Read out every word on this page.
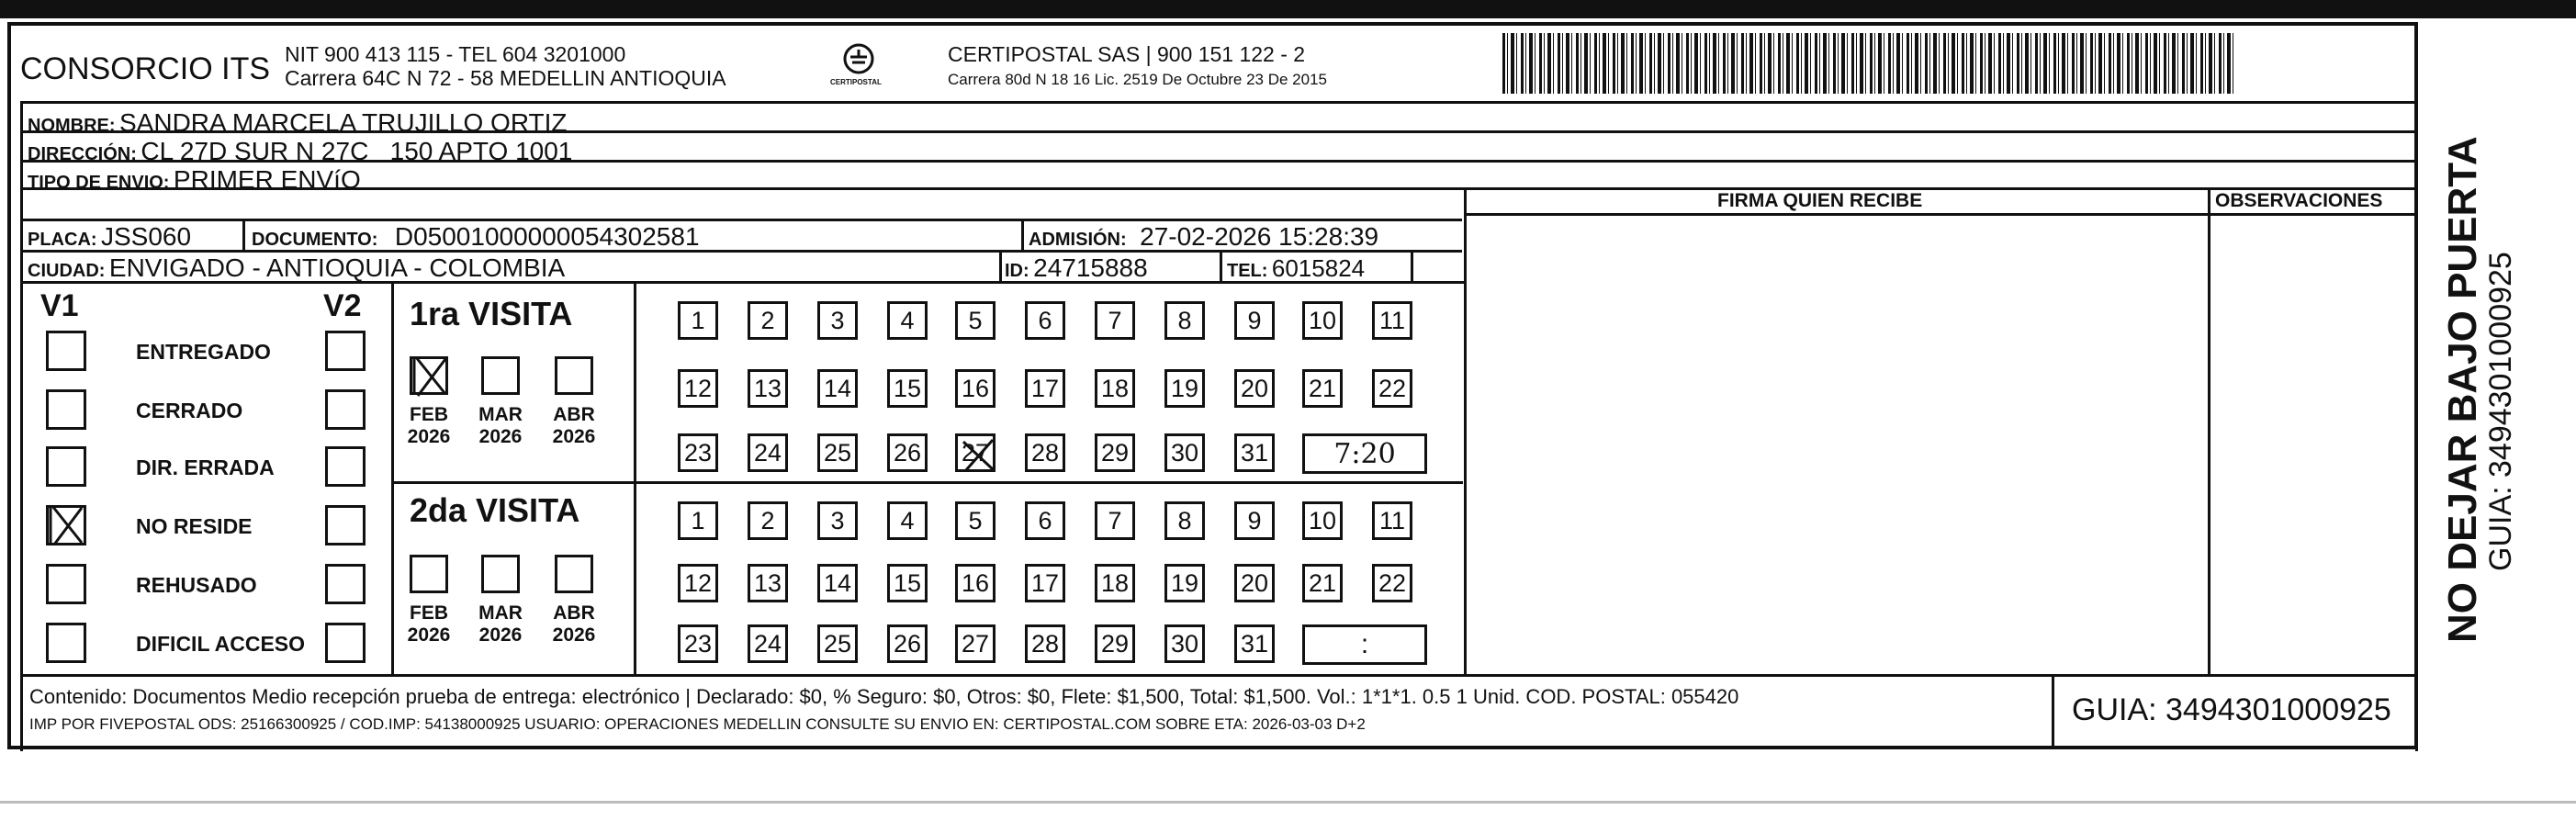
CONSORCIO ITS NIT 900 413 115 - TEL 604 3201000
Carrera 64C N 72 - 58 MEDELLIN ANTIOQUIA	CERTIPOSTAL
CERTIPOSTAL SAS | 900 151 122 - 2
Carrera 80d N 18 16 Lic. 2519 De Octubre 23 De 2015
NOMBRE: SANDRA MARCELA TRUJILLO ORTIZ
DIRECCIÓN: CL 27D SUR N 27C   150 APTO 1001
TIPO DE ENVIO: PRIMER ENVíO
FIRMA QUIEN RECIBE	OBSERVACIONES
PLACA: JSS060	DOCUMENTO: D05001000000054302581	ADMISIÓN: 27-02-2026 15:28:39
CIUDAD: ENVIGADO - ANTIOQUIA - COLOMBIA	ID: 24715888	TEL: 6015824
V1	V2
ENTREGADO
CERRADO
DIR. ERRADA
NO RESIDE
REHUSADO
DIFICIL ACCESO
1ra VISITA
2da VISITA
FEB
2026
MAR
2026
ABR
2026
FEB
2026
MAR
2026
ABR
2026
1	2	3	4	5	6	7	8	9	10 11
12 13 14 15 16 17 18 19 20 21 22
23 24 25 26 27 28 29 30 31	7:20
1	2	3	4	5	6	7	8	9	10 11
12 13 14 15 16 17 18 19 20 21 22
23 24 25 26 27 28 29 30 31	:
Contenido: Documentos Medio recepción prueba de entrega: electrónico | Declarado: $0, % Seguro: $0, Otros: $0, Flete: $1,500, Total: $1,500. Vol.: 1*1*1. 0.5 1 Unid. COD. POSTAL: 055420
IMP POR FIVEPOSTAL ODS: 25166300925 / COD.IMP: 54138000925 USUARIO: OPERACIONES MEDELLIN CONSULTE SU ENVIO EN: CERTIPOSTAL.COM SOBRE ETA: 2026-03-03 D+2	GUIA: 3494301000925
NO DEJAR BAJO PUERTA
GUIA: 3494301000925
